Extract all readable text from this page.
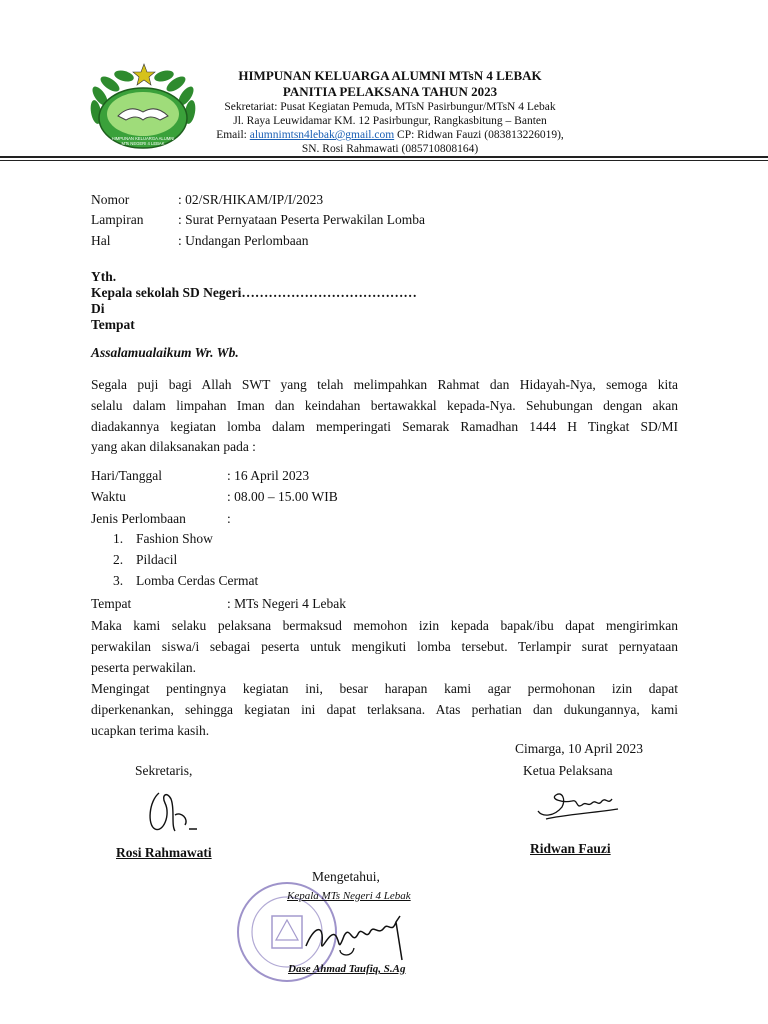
HIMPUNAN KELUARGA ALUMNI
MTs NEGERI 4 LEBAK
HIMPUNAN KELUARGA ALUMNI MTsN 4 LEBAK
PANITIA PELAKSANA TAHUN 2023
Sekretariat: Pusat Kegiatan Pemuda, MTsN Pasirbungur/MTsN 4 Lebak
Jl. Raya Leuwidamar KM. 12 Pasirbungur, Rangkasbitung – Banten
Email: alumnimtsn4lebak@gmail.com CP: Ridwan Fauzi (083813226019),
SN. Rosi Rahmawati (085710808164)
Nomor	: 02/SR/HIKAM/IP/I/2023
Lampiran	: Surat Pernyataan Peserta Perwakilan Lomba
Hal	: Undangan Perlombaan
Yth.
Kepala sekolah SD Negeri…………………………………
Di
Tempat
Assalamualaikum Wr. Wb.
Segala puji bagi Allah SWT yang telah melimpahkan Rahmat dan Hidayah-Nya, semoga kita
selalu dalam limpahan Iman dan keindahan bertawakkal kepada-Nya. Sehubungan dengan akan
diadakannya kegiatan lomba dalam memperingati Semarak Ramadhan 1444 H Tingkat SD/MI
yang akan dilaksanakan pada :
Hari/Tanggal	: 16 April 2023
Waktu	: 08.00 – 15.00 WIB
Jenis Perlombaan	:
1. Fashion Show
2. Pildacil
3. Lomba Cerdas Cermat
Tempat	: MTs Negeri 4 Lebak
Maka kami selaku pelaksana bermaksud memohon izin kepada bapak/ibu dapat mengirimkan
perwakilan siswa/i sebagai peserta untuk mengikuti lomba tersebut. Terlampir surat pernyataan
peserta perwakilan.
Mengingat pentingnya kegiatan ini, besar harapan kami agar permohonan izin dapat
diperkenankan, sehingga kegiatan ini dapat terlaksana. Atas perhatian dan dukungannya, kami
ucapkan terima kasih.
Cimarga, 10 April 2023
Sekretaris,	Ketua Pelaksana
Rosi Rahmawati	Ridwan Fauzi
Mengetahui,
Kepala MTs Negeri 4 Lebak
Dase Ahmad Taufiq, S.Ag
